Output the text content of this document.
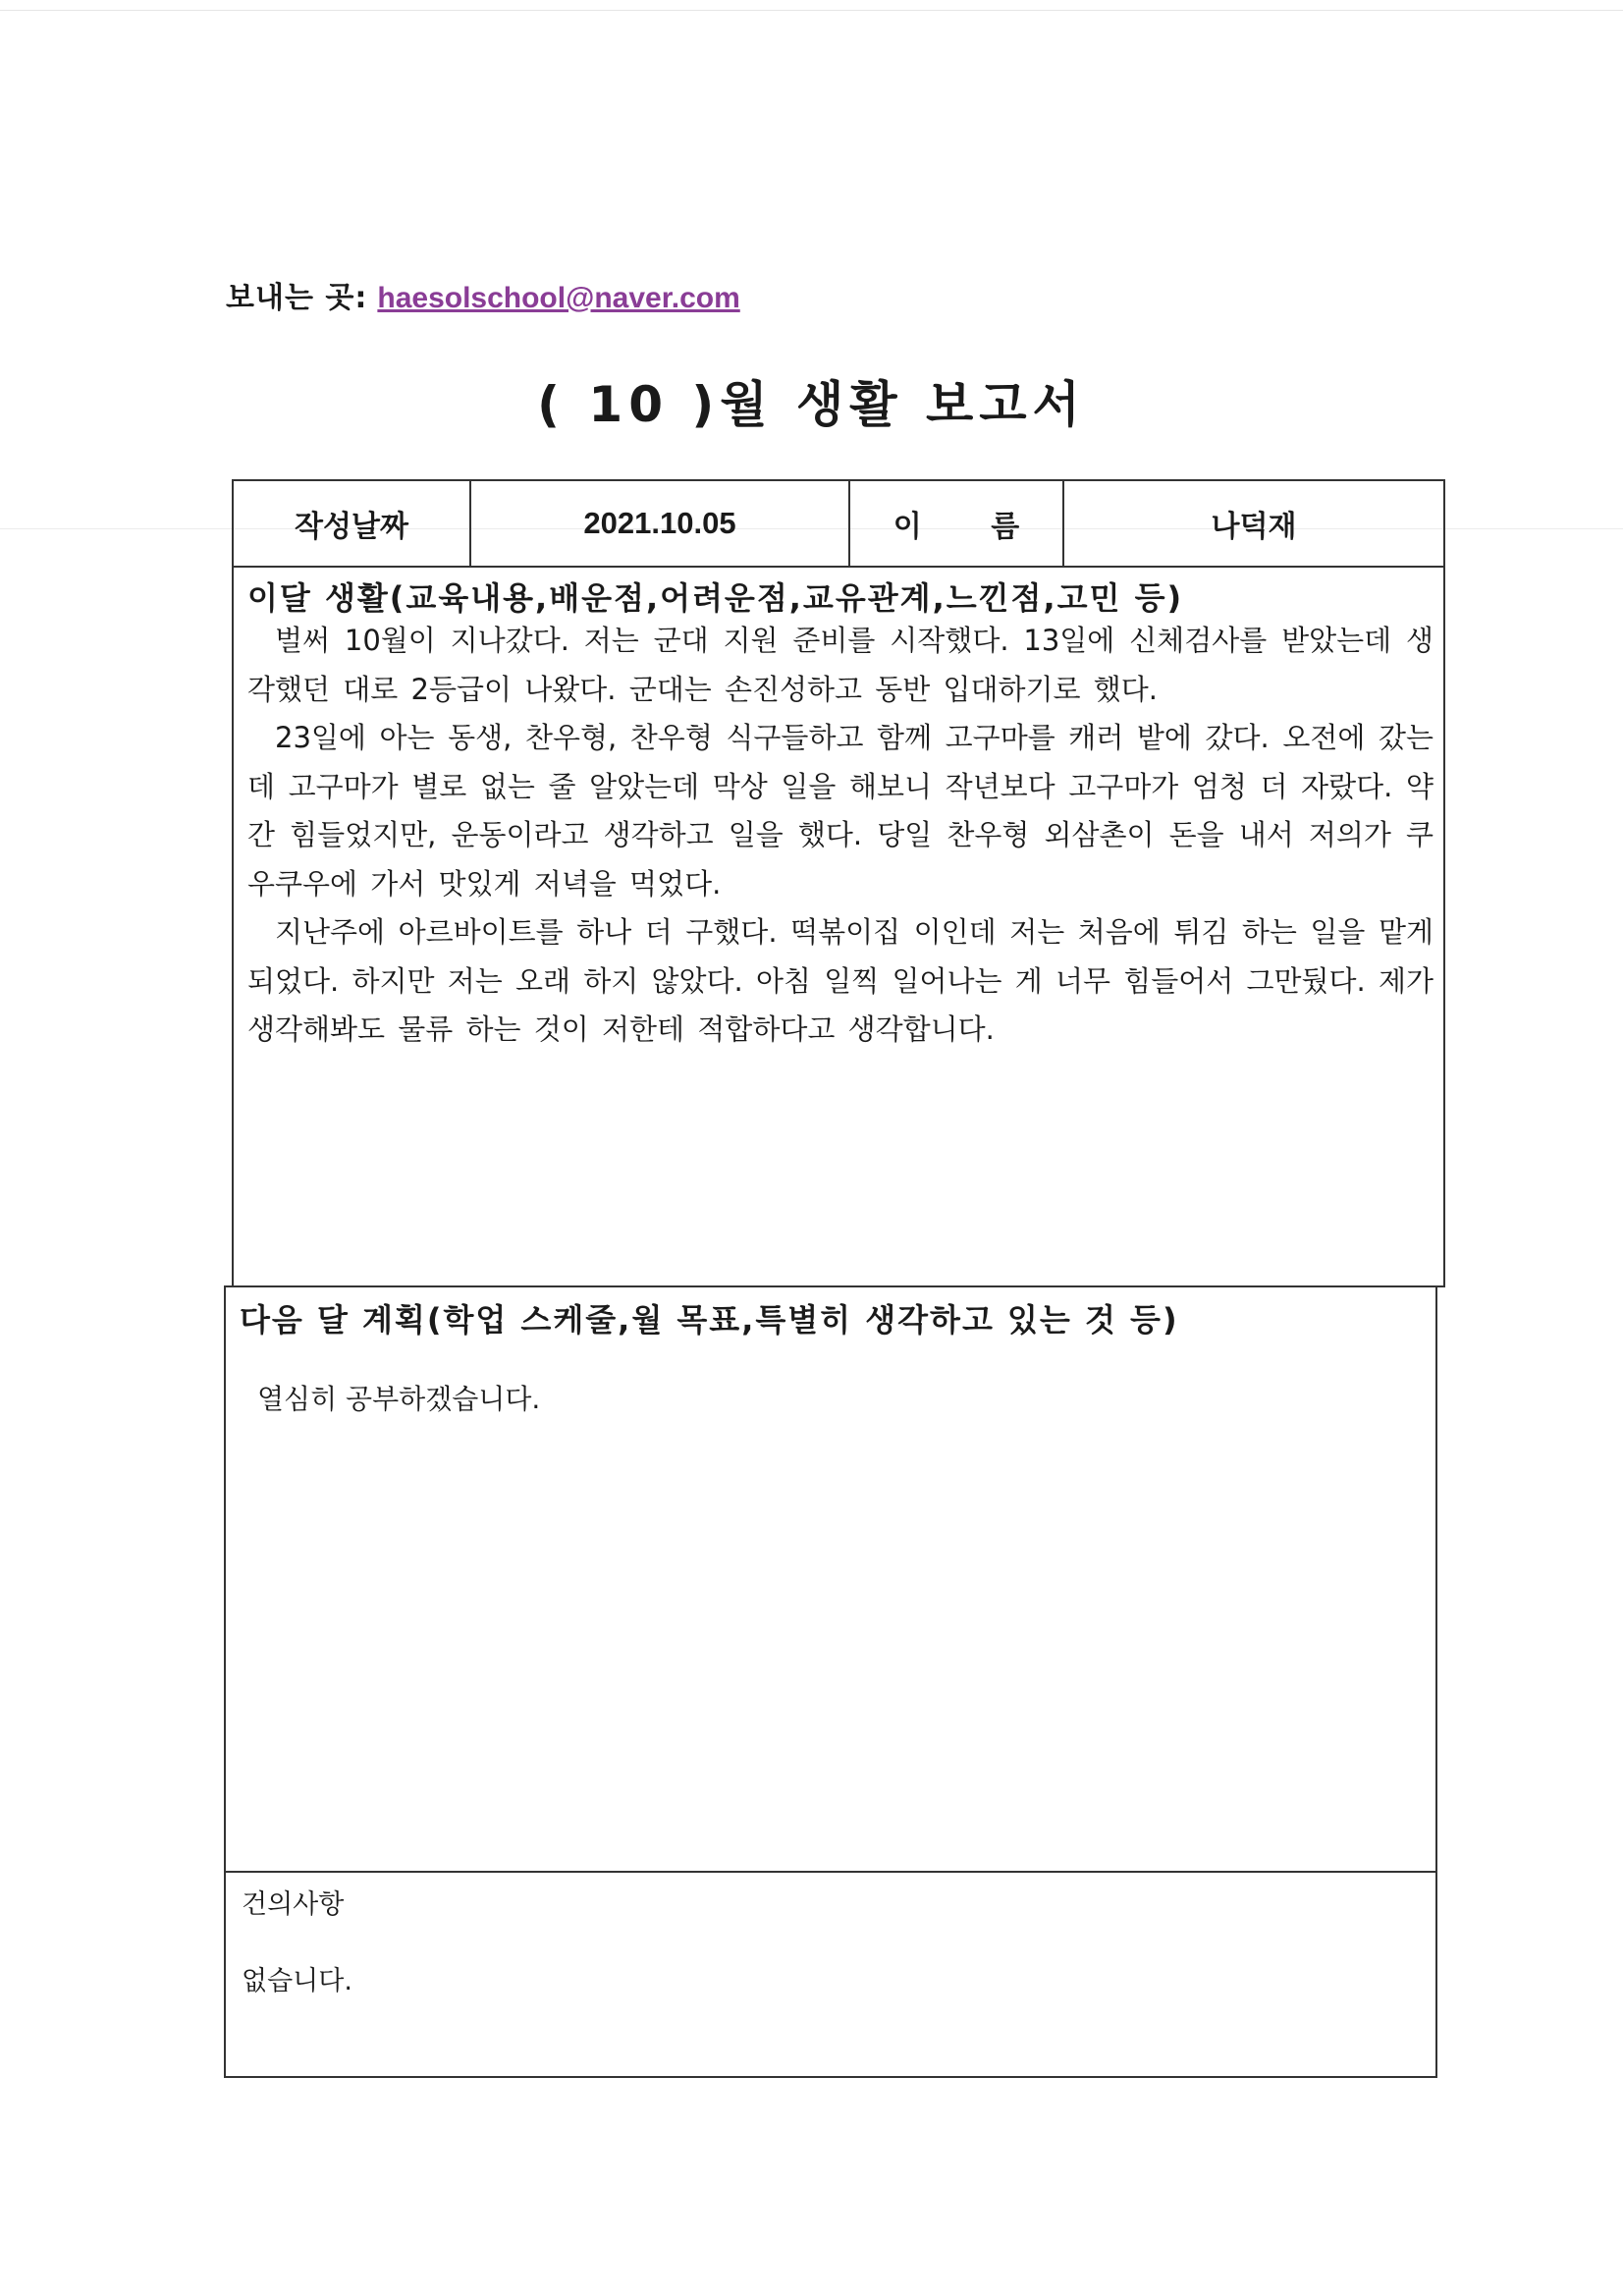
보내는 곳: haesolschool@naver.com
( 10 )월 생활 보고서
작성날짜	2021.10.05	이 름	나덕재
이달 생활(교육내용,배운점,어려운점,교유관계,느낀점,고민 등)

벌써 10월이 지나갔다. 저는 군대 지원 준비를 시작했다. 13일에 신체검사를 받았는데 생각했던 대로 2등급이 나왔다. 군대는 손진성하고 동반 입대하기로 했다.

23일에 아는 동생, 찬우형, 찬우형 식구들하고 함께 고구마를 캐러 밭에 갔다. 오전에 갔는데 고구마가 별로 없는 줄 알았는데 막상 일을 해보니 작년보다 고구마가 엄청 더 자랐다. 약간 힘들었지만, 운동이라고 생각하고 일을 했다. 당일 찬우형 외삼촌이 돈을 내서 저의가 쿠우쿠우에 가서 맛있게 저녁을 먹었다.

지난주에 아르바이트를 하나 더 구했다. 떡볶이집 이인데 저는 처음에 튀김 하는 일을 맡게 되었다. 하지만 저는 오래 하지 않았다. 아침 일찍 일어나는 게 너무 힘들어서 그만뒀다. 제가 생각해봐도 물류 하는 것이 저한테 적합하다고 생각합니다.

다음 달 계획(학업 스케줄,월 목표,특별히 생각하고 있는 것 등)
열심히 공부하겠습니다.
건의사항
없습니다.
